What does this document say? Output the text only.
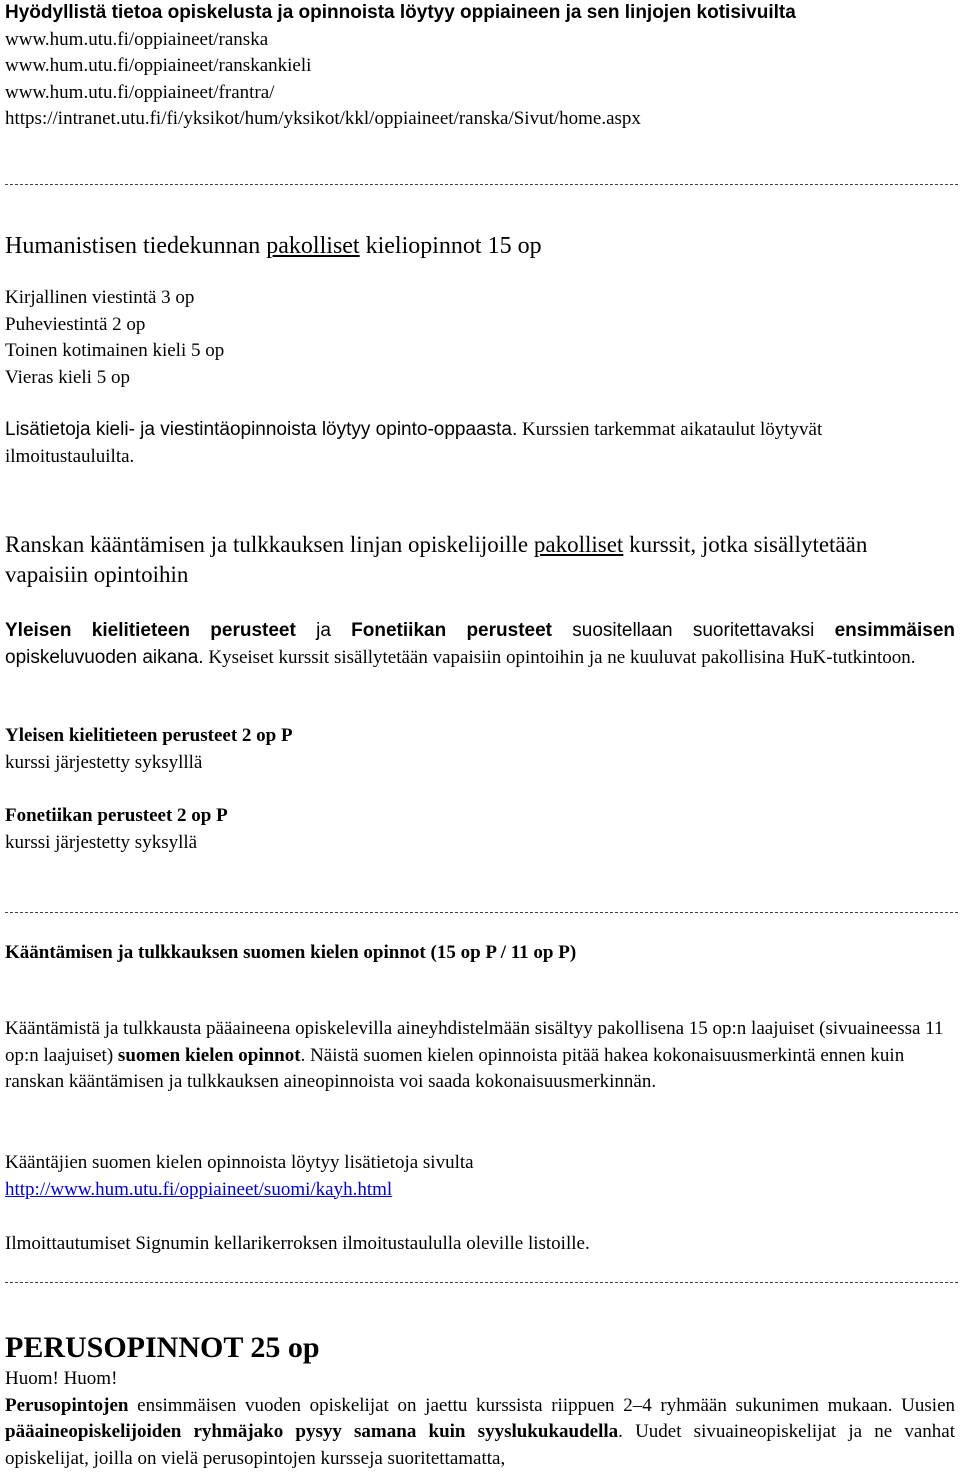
Hyödyllistä tietoa opiskelusta ja opinnoista löytyy oppiaineen ja sen linjojen kotisivuilta

www.hum.utu.fi/oppiaineet/ranska

www.hum.utu.fi/oppiaineet/ranskankieli

www.hum.utu.fi/oppiaineet/frantra/

https://intranet.utu.fi/fi/yksikot/hum/yksikot/kkl/oppiaineet/ranska/Sivut/home.aspx

Humanistisen tiedekunnan pakolliset kieliopinnot 15 op

Kirjallinen viestintä 3 op

Puheviestintä 2 op

Toinen kotimainen kieli 5 op

Vieras kieli 5 op

Lisätietoja kieli- ja viestintäopinnoista löytyy opinto-oppaasta. Kurssien tarkemmat aikataulut löytyvät ilmoitustauluilta.

Ranskan kääntämisen ja tulkkauksen linjan opiskelijoille pakolliset kurssit, jotka sisällytetään vapaisiin opintoihin

Yleisen kielitieteen perusteet ja Fonetiikan perusteet suositellaan suoritettavaksi ensimmäisen opiskeluvuoden aikana. Kyseiset kurssit sisällytetään vapaisiin opintoihin ja ne kuuluvat pakollisina HuK-tutkintoon.

Yleisen kielitieteen perusteet 2 op P

kurssi järjestetty syksylllä

Fonetiikan perusteet 2 op P

kurssi järjestetty syksyllä

Kääntämisen ja tulkkauksen suomen kielen opinnot (15 op P / 11 op P)

Kääntämistä ja tulkkausta pääaineena opiskelevilla aineyhdistelmään sisältyy pakollisena 15 op:n laajuiset (sivuaineessa 11 op:n laajuiset) suomen kielen opinnot. Näistä suomen kielen opinnoista pitää hakea kokonaisuusmerkintä ennen kuin ranskan kääntämisen ja tulkkauksen aineopinnoista voi saada kokonaisuusmerkinnän.

Kääntäjien suomen kielen opinnoista löytyy lisätietoja sivulta

http://www.hum.utu.fi/oppiaineet/suomi/kayh.html

Ilmoittautumiset Signumin kellarikerroksen ilmoitustaululla oleville listoille.

PERUSOPINNOT 25 op

Huom! Huom!

Perusopintojen ensimmäisen vuoden opiskelijat on jaettu kurssista riippuen 2–4 ryhmään sukunimen mukaan. Uusien pääaineopiskelijoiden ryhmäjako pysyy samana kuin syyslukukaudella. Uudet sivuaineopiskelijat ja ne vanhat opiskelijat, joilla on vielä perusopintojen kursseja suoritettamatta,
